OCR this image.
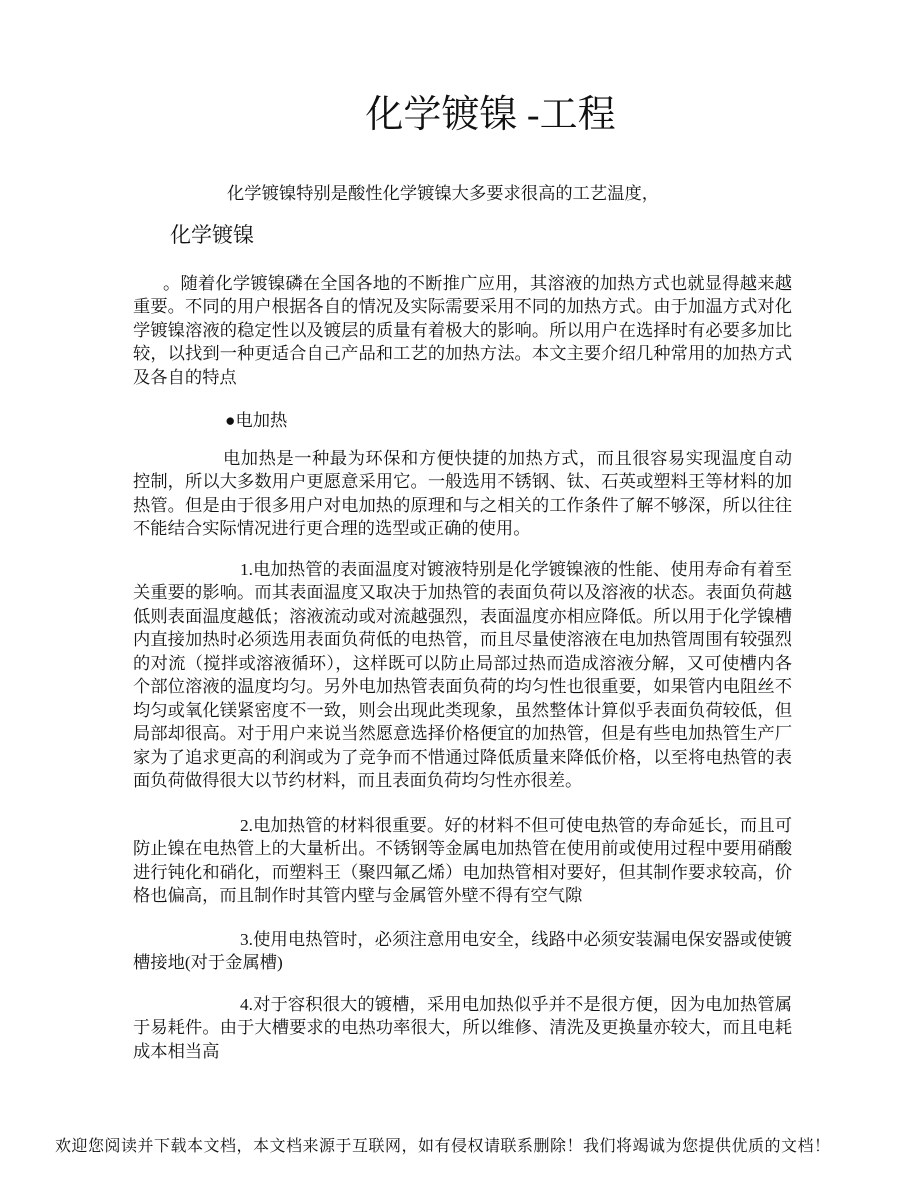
化学镀镍 -工程

化学镀镍特别是酸性化学镀镍大多要求很高的工艺温度，

化学镀镍

。随着化学镀镍磷在全国各地的不断推广应用，其溶液的加热方式也就显得越来越重要。不同的用户根据各自的情况及实际需要采用不同的加热方式。由于加温方式对化学镀镍溶液的稳定性以及镀层的质量有着极大的影响。所以用户在选择时有必要多加比较，以找到一种更适合自己产品和工艺的加热方法。本文主要介绍几种常用的加热方式及各自的特点

●电加热

电加热是一种最为环保和方便快捷的加热方式，而且很容易实现温度自动控制，所以大多数用户更愿意采用它。一般选用不锈钢、钛、石英或塑料王等材料的加热管。但是由于很多用户对电加热的原理和与之相关的工作条件了解不够深，所以往往不能结合实际情况进行更合理的选型或正确的使用。

1.电加热管的表面温度对镀液特别是化学镀镍液的性能、使用寿命有着至关重要的影响。而其表面温度又取决于加热管的表面负荷以及溶液的状态。表面负荷越低则表面温度越低；溶液流动或对流越强烈，表面温度亦相应降低。所以用于化学镍槽内直接加热时必须选用表面负荷低的电热管，而且尽量使溶液在电加热管周围有较强烈的对流（搅拌或溶液循环），这样既可以防止局部过热而造成溶液分解，又可使槽内各个部位溶液的温度均匀。另外电加热管表面负荷的均匀性也很重要，如果管内电阻丝不均匀或氧化镁紧密度不一致，则会出现此类现象，虽然整体计算似乎表面负荷较低，但局部却很高。对于用户来说当然愿意选择价格便宜的加热管，但是有些电加热管生产厂家为了追求更高的利润或为了竞争而不惜通过降低质量来降低价格，以至将电热管的表面负荷做得很大以节约材料，而且表面负荷均匀性亦很差。

2.电加热管的材料很重要。好的材料不但可使电热管的寿命延长，而且可防止镍在电热管上的大量析出。不锈钢等金属电加热管在使用前或使用过程中要用硝酸进行钝化和硝化，而塑料王（聚四氟乙烯）电加热管相对要好，但其制作要求较高，价格也偏高，而且制作时其管内壁与金属管外壁不得有空气隙

3.使用电热管时，必须注意用电安全，线路中必须安装漏电保安器或使镀槽接地(对于金属槽)

4.对于容积很大的镀槽，采用电加热似乎并不是很方便，因为电加热管属于易耗件。由于大槽要求的电热功率很大，所以维修、清洗及更换量亦较大，而且电耗成本相当高

欢迎您阅读并下载本文档，本文档来源于互联网，如有侵权请联系删除！我们将竭诚为您提供优质的文档！
